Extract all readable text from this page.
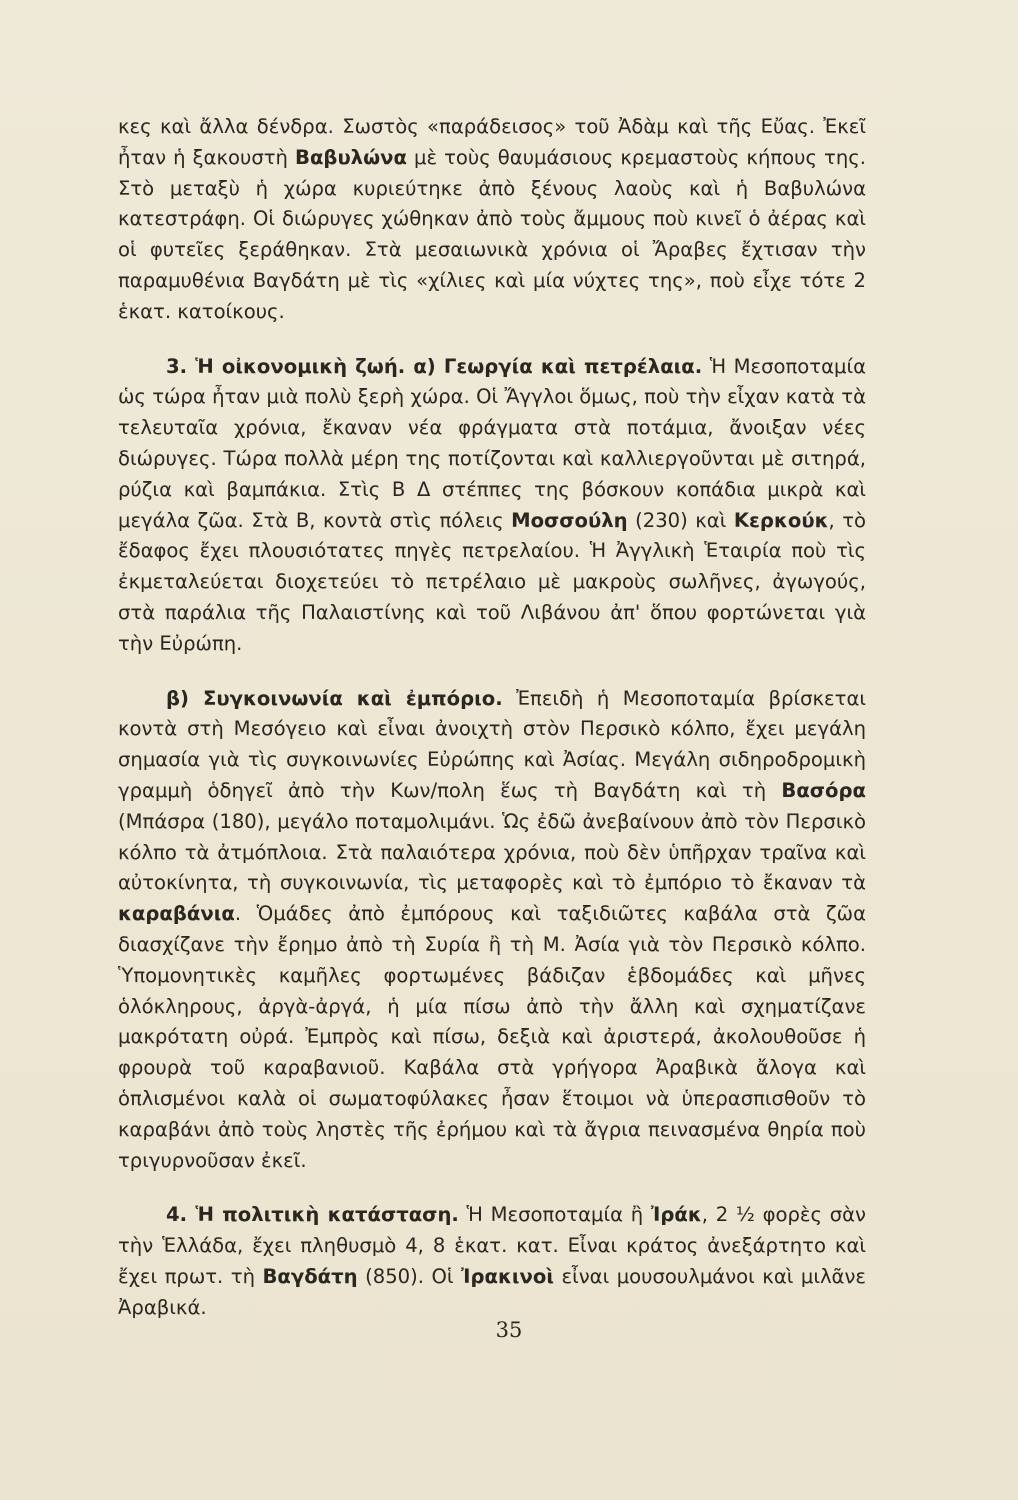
κες καὶ ἄλλα δένδρα. Σωστὸς «παράδεισος» τοῦ Ἀδὰμ καὶ τῆς Εὔας. Ἐκεῖ ἦταν ἡ ξακουστὴ Βαβυλώνα μὲ τοὺς θαυμάσιους κρεμαστοὺς κήπους της. Στὸ μεταξὺ ἡ χώρα κυριεύτηκε ἀπὸ ξένους λαοὺς καὶ ἡ Βαβυλώνα κατεστράφη. Οἱ διώρυγες χώθηκαν ἀπὸ τοὺς ἄμμους ποὺ κινεῖ ὁ ἀέρας καὶ οἱ φυτεῖες ξεράθηκαν. Στὰ μεσαιωνικὰ χρόνια οἱ Ἄραβες ἔχτισαν τὴν παραμυθένια Βαγδάτη μὲ τὶς «χίλιες καὶ μία νύχτες της», ποὺ εἶχε τότε 2 ἑκατ. κατοίκους.

3. Ἡ οἰκονομικὴ ζωή. α) Γεωργία καὶ πετρέλαια. Ἡ Μεσοποταμία ὡς τώρα ἦταν μιὰ πολὺ ξερὴ χώρα. Οἱ Ἄγγλοι ὅμως, ποὺ τὴν εἶχαν κατὰ τὰ τελευταῖα χρόνια, ἔκαναν νέα φράγματα στὰ ποτάμια, ἄνοιξαν νέες διώρυγες. Τώρα πολλὰ μέρη της ποτίζονται καὶ καλλιεργοῦνται μὲ σιτηρά, ρύζια καὶ βαμπάκια. Στὶς Β Δ στέππες της βόσκουν κοπάδια μικρὰ καὶ μεγάλα ζῶα. Στὰ Β, κοντὰ στὶς πόλεις Μοσσούλη (230) καὶ Κερκούκ, τὸ ἔδαφος ἔχει πλουσιότατες πηγὲς πετρελαίου. Ἡ Ἀγγλικὴ Ἑταιρία ποὺ τὶς ἐκμεταλεύεται διοχετεύει τὸ πετρέλαιο μὲ μακροὺς σωλῆνες, ἀγωγούς, στὰ παράλια τῆς Παλαιστίνης καὶ τοῦ Λιβάνου ἀπ' ὅπου φορτώνεται γιὰ τὴν Εὐρώπη.

β) Συγκοινωνία καὶ ἐμπόριο. Ἐπειδὴ ἡ Μεσοποταμία βρίσκεται κοντὰ στὴ Μεσόγειο καὶ εἶναι ἀνοιχτὴ στὸν Περσικὸ κόλπο, ἔχει μεγάλη σημασία γιὰ τὶς συγκοινωνίες Εὐρώπης καὶ Ἀσίας. Μεγάλη σιδηροδρομικὴ γραμμὴ ὁδηγεῖ ἀπὸ τὴν Κων/πολη ἕως τὴ Βαγδάτη καὶ τὴ Βασόρα (Μπάσρα (180), μεγάλο ποταμολιμάνι. Ὡς ἐδῶ ἀνεβαίνουν ἀπὸ τὸν Περσικὸ κόλπο τὰ ἀτμόπλοια. Στὰ παλαιότερα χρόνια, ποὺ δὲν ὑπῆρχαν τραῖνα καὶ αὐτοκίνητα, τὴ συγκοινωνία, τὶς μεταφορὲς καὶ τὸ ἐμπόριο τὸ ἔκαναν τὰ καραβάνια. Ὁμάδες ἀπὸ ἐμπόρους καὶ ταξιδιῶτες καβάλα στὰ ζῶα διασχίζανε τὴν ἔρημο ἀπὸ τὴ Συρία ἢ τὴ Μ. Ἀσία γιὰ τὸν Περσικὸ κόλπο. Ὑπομονητικὲς καμῆλες φορτωμένες βάδιζαν ἑβδομάδες καὶ μῆνες ὁλόκληρους, ἀργὰ-ἀργά, ἡ μία πίσω ἀπὸ τὴν ἄλλη καὶ σχηματίζανε μακρότατη οὐρά. Ἐμπρὸς καὶ πίσω, δεξιὰ καὶ ἀριστερά, ἀκολουθοῦσε ἡ φρουρὰ τοῦ καραβανιοῦ. Καβάλα στὰ γρήγορα Ἀραβικὰ ἄλογα καὶ ὁπλισμένοι καλὰ οἱ σωματοφύλακες ἦσαν ἕτοιμοι νὰ ὑπερασπισθοῦν τὸ καραβάνι ἀπὸ τοὺς ληστὲς τῆς ἐρήμου καὶ τὰ ἄγρια πεινασμένα θηρία ποὺ τριγυρνοῦσαν ἐκεῖ.

4. Ἡ πολιτικὴ κατάσταση. Ἡ Μεσοποταμία ἢ Ἰράκ, 2 ½ φορὲς σὰν τὴν Ἑλλάδα, ἔχει πληθυσμὸ 4, 8 ἑκατ. κατ. Εἶναι κράτος ἀνεξάρτητο καὶ ἔχει πρωτ. τὴ Βαγδάτη (850). Οἱ Ἰρακινοὶ εἶναι μουσουλμάνοι καὶ μιλᾶνε Ἀραβικά.

35
